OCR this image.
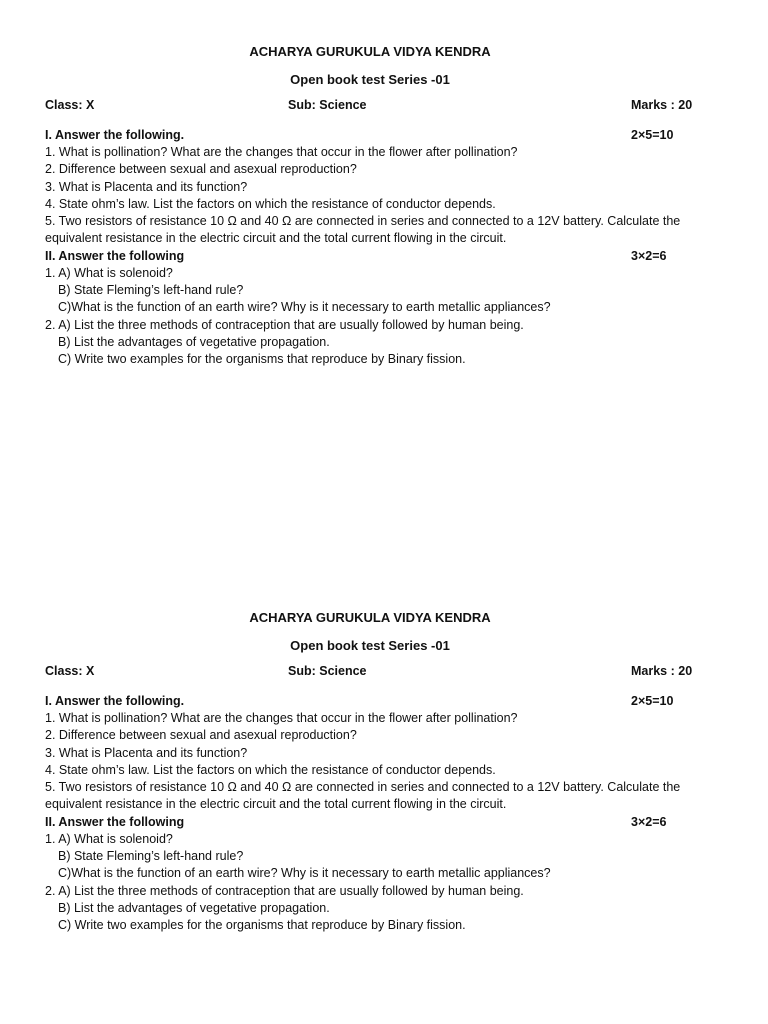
ACHARYA GURUKULA VIDYA KENDRA
Open book test Series -01
Class: X	Sub: Science	Marks : 20
I. Answer the following.	2×5=10
1. What is pollination? What are the changes that occur in the flower after pollination?
2. Difference between sexual and asexual reproduction?
3. What is Placenta and its function?
4. State ohm’s law. List the factors on which the resistance of conductor depends.
5. Two resistors of resistance 10 Ω and 40 Ω are connected in series and connected to a 12V battery. Calculate the equivalent resistance in the electric circuit and the total current flowing in the circuit.
II. Answer the following	3×2=6
1. A) What is solenoid?
B) State Fleming’s left-hand rule?
C)What is the function of an earth wire? Why is it necessary to earth metallic appliances?
2. A) List the three methods of contraception that are usually followed by human being.
B) List the advantages of vegetative propagation.
C) Write two examples for the organisms that reproduce by Binary fission.
ACHARYA GURUKULA VIDYA KENDRA
Open book test Series -01
Class: X	Sub: Science	Marks : 20
I. Answer the following.	2×5=10
1. What is pollination? What are the changes that occur in the flower after pollination?
2. Difference between sexual and asexual reproduction?
3. What is Placenta and its function?
4. State ohm’s law. List the factors on which the resistance of conductor depends.
5. Two resistors of resistance 10 Ω and 40 Ω are connected in series and connected to a 12V battery. Calculate the equivalent resistance in the electric circuit and the total current flowing in the circuit.
II. Answer the following	3×2=6
1. A) What is solenoid?
B) State Fleming’s left-hand rule?
C)What is the function of an earth wire? Why is it necessary to earth metallic appliances?
2. A) List the three methods of contraception that are usually followed by human being.
B) List the advantages of vegetative propagation.
C) Write two examples for the organisms that reproduce by Binary fission.
